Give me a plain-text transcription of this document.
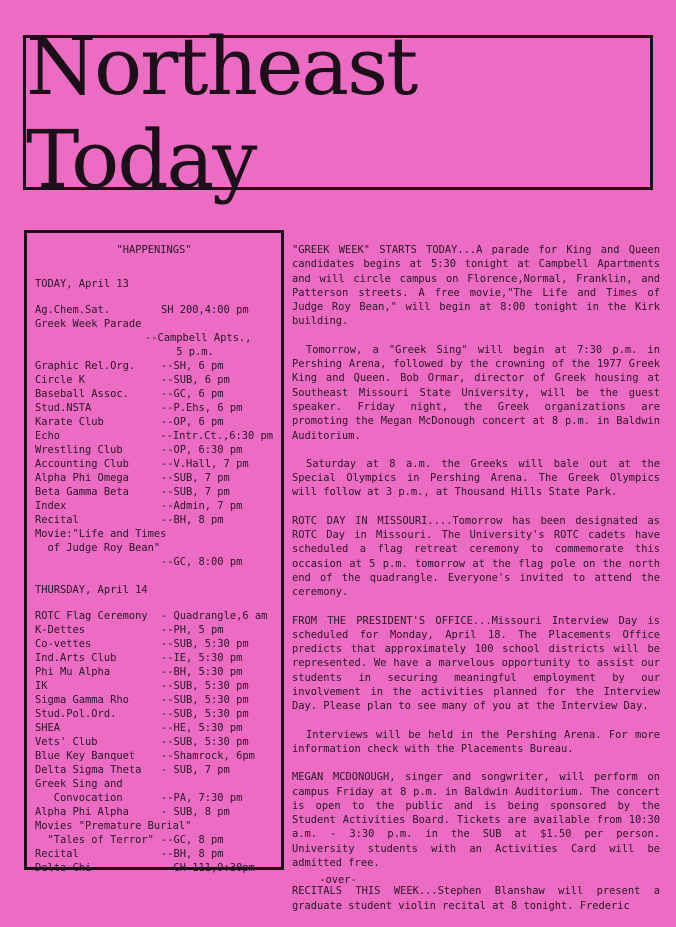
Northeast Today
"HAPPENINGS"
TODAY, April 13
Ag.Chem.Sat.	SH 200,4:00 pm
Greek Week Parade
--Campbell Apts.,
5 p.m.
Graphic Rel.Org.	--SH, 6 pm
Circle K	--SUB, 6 pm
Baseball Assoc.	--GC, 6 pm
Stud.NSTA	--P.Ehs, 6 pm
Karate Club	--OP, 6 pm
Echo	--Intr.Ct.,6:30 pm
Wrestling Club	--OP, 6:30 pm
Accounting Club	--V.Hall, 7 pm
Alpha Phi Omega	--SUB, 7 pm
Beta Gamma Beta	--SUB, 7 pm
Index	--Admin, 7 pm
Recital	--BH, 8 pm
Movie:"Life and Times
of Judge Roy Bean"
--GC, 8:00 pm
THURSDAY, April 14
ROTC Flag Ceremony	- Quadrangle,6 am
K-Dettes	--PH, 5 pm
Co-vettes	--SUB, 5:30 pm
Ind.Arts Club	--IE, 5:30 pm
Phi Mu Alpha	--BH, 5:30 pm
IK	--SUB, 5:30 pm
Sigma Gamma Rho	--SUB, 5:30 pm
Stud.Pol.Ord.	--SUB, 5:30 pm
SHEA	--HE, 5:30 pm
Vets' Club	--SUB, 5:30 pm
Blue Key Banquet	--Shamrock, 6pm
Delta Sigma Theta	- SUB, 7 pm
Greek Sing and
Convocation	--PA, 7:30 pm
Alpha Phi Alpha	- SUB, 8 pm
Movies "Premature Burial"
"Tales of Terror" --GC, 8 pm
Recital	--BH, 8 pm
Delta Chi	--GH 111,9:30pm

"GREEK WEEK" STARTS TODAY...A parade for King and Queen candidates begins at 5:30 tonight at Campbell Apartments and will circle campus on Florence,Normal, Franklin, and Patterson streets. A free movie,"The Life and Times of Judge Roy Bean," will begin at 8:00 tonight in the Kirk building.

Tomorrow, a "Greek Sing" will begin at 7:30 p.m. in Pershing Arena, followed by the crowning of the 1977 Greek King and Queen. Bob Ormar, director of Greek housing at Southeast Missouri State University, will be the guest speaker. Friday night, the Greek organizations are promoting the Megan McDonough concert at 8 p.m. in Baldwin Auditorium.

Saturday at 8 a.m. the Greeks will bale out at the Special Olympics in Pershing Arena. The Greek Olympics will follow at 3 p.m., at Thousand Hills State Park.

ROTC DAY IN MISSOURI....Tomorrow has been designated as ROTC Day in Missouri. The University's ROTC cadets have scheduled a flag retreat ceremony to commemorate this occasion at 5 p.m. tomorrow at the flag pole on the north end of the quadrangle. Everyone's invited to attend the ceremony.

FROM THE PRESIDENT'S OFFICE...Missouri Interview Day is scheduled for Monday, April 18. The Placements Office predicts that approximately 100 school districts will be represented. We have a marvelous opportunity to assist our students in securing meaningful employment by our involvement in the activities planned for the Interview Day. Please plan to see many of you at the Interview Day.

Interviews will be held in the Pershing Arena. For more information check with the Placements Bureau.

MEGAN MCDONOUGH, singer and songwriter, will perform on campus Friday at 8 p.m. in Baldwin Auditorium. The concert is open to the public and is being sponsored by the Student Activities Board. Tickets are available from 10:30 a.m. - 3:30 p.m. in the SUB at $1.50 per person. University students with an Activities Card will be admitted free.

RECITALS THIS WEEK...Stephen Blanshaw will present a graduate student violin recital at 8 tonight. Frederic

-over-
